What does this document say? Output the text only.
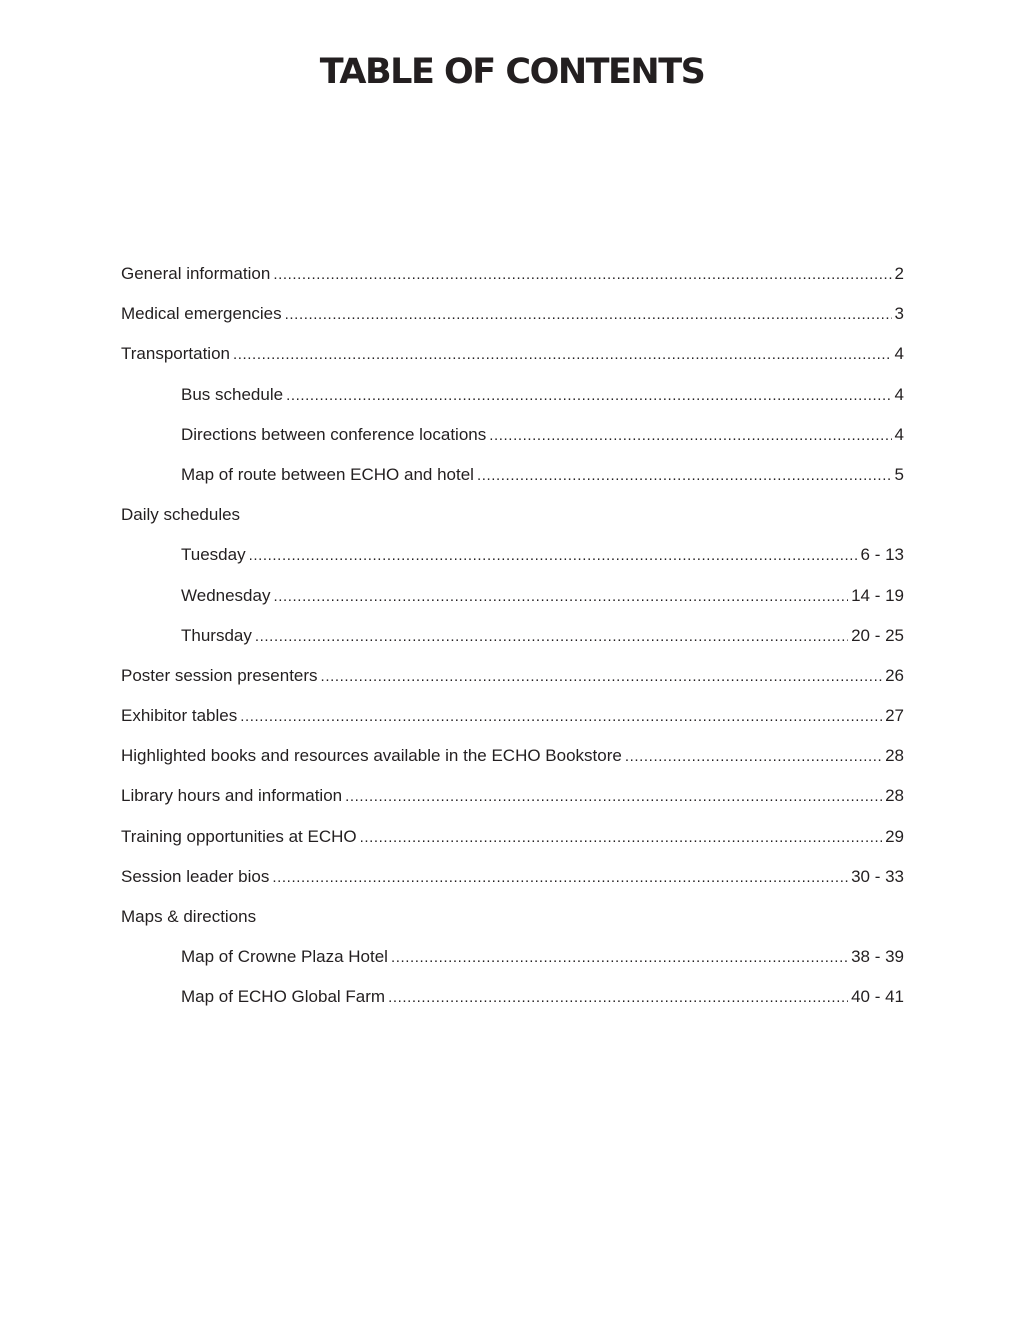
TABLE OF CONTENTS
General information .....	2
Medical emergencies .....	3
Transportation .....	4
Bus schedule .....	4
Directions between conference locations .....	4
Map of route between ECHO and hotel .....	5
Daily schedules
Tuesday .....	6 - 13
Wednesday .....	14 - 19
Thursday .....	20 - 25
Poster session presenters .....	26
Exhibitor tables .....	27
Highlighted books and resources available in the ECHO Bookstore .....	28
Library hours and information .....	28
Training opportunities at ECHO .....	29
Session leader bios .....	30 - 33
Maps & directions
Map of Crowne Plaza Hotel .....	38 - 39
Map of ECHO Global Farm .....	40 - 41
